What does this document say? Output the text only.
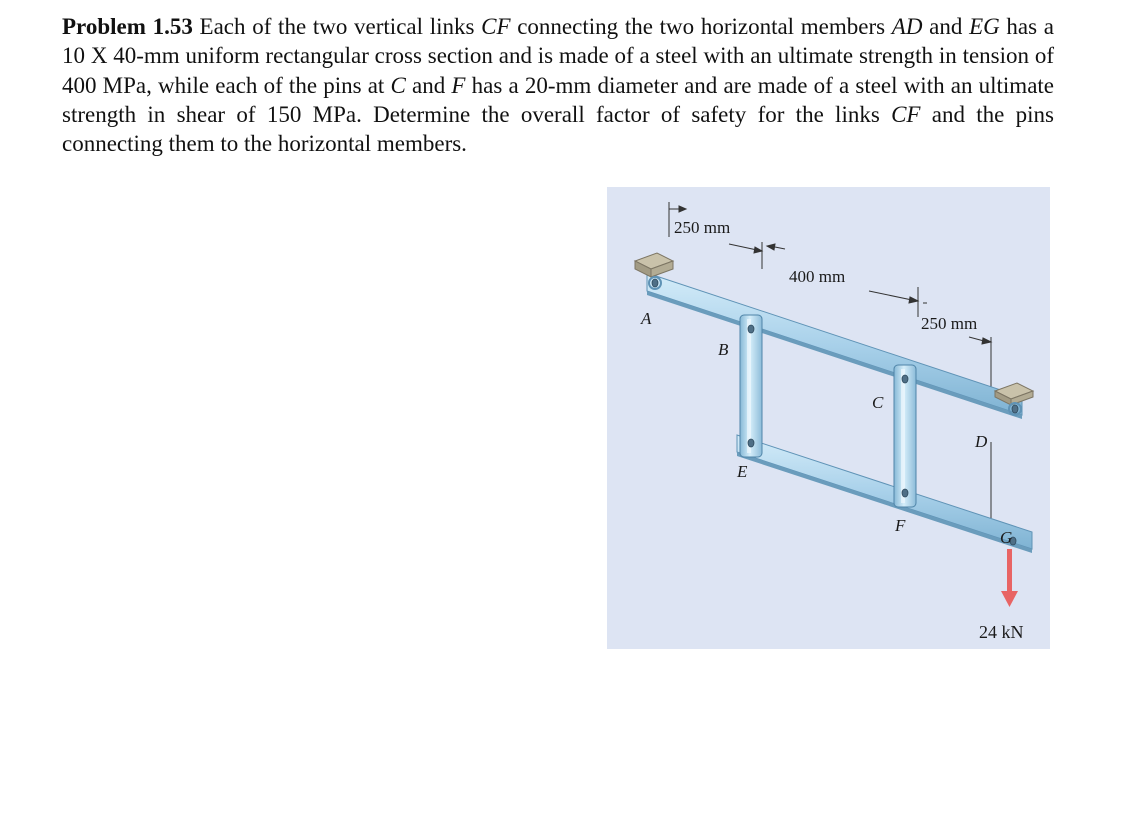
Problem 1.53 Each of the two vertical links CF connecting the two horizontal members AD and EG has a 10 X 40-mm uniform rectangular cross section and is made of a steel with an ultimate strength in tension of 400 MPa, while each of the pins at C and F has a 20-mm diameter and are made of a steel with an ultimate strength in shear of 150 MPa. Determine the overall factor of safety for the links CF and the pins connecting them to the horizontal members.

250 mm
400 mm
250 mm
A
B
C
D
E
F
G
24 kN
